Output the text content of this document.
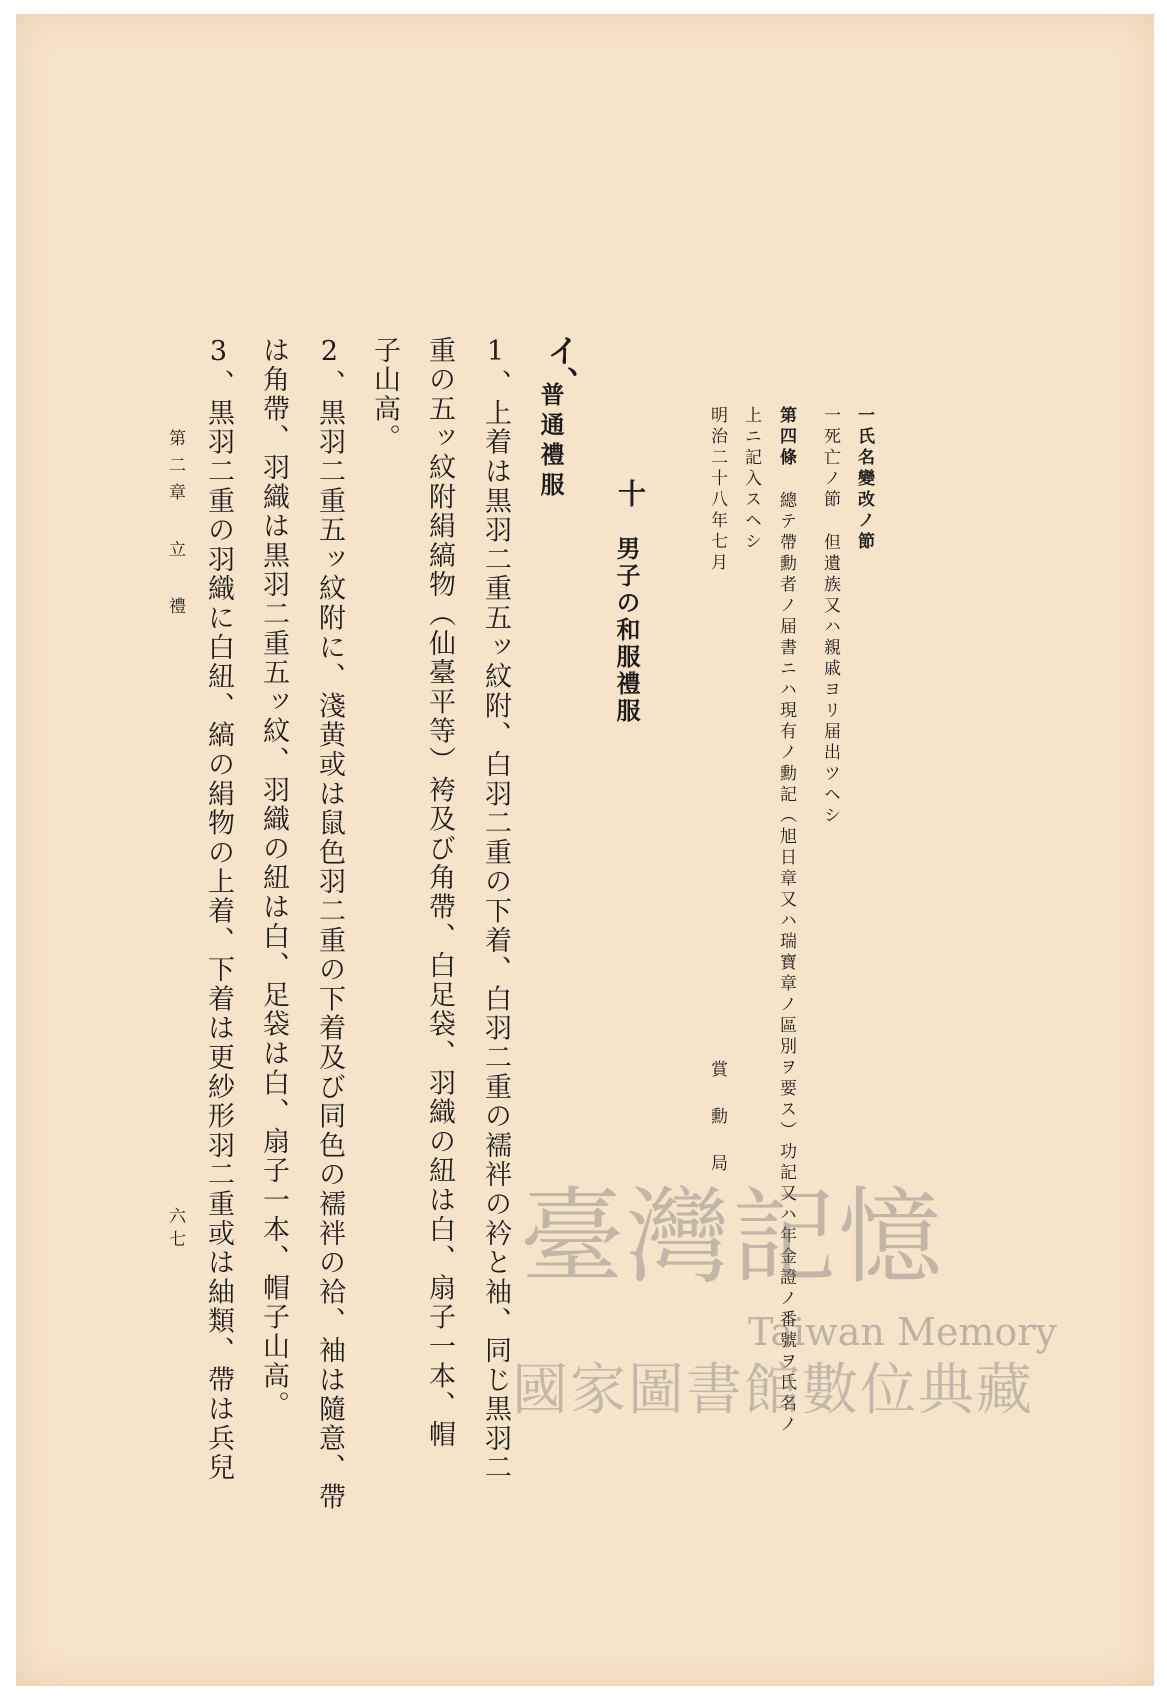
一氏名變改ノ節

一死亡ノ節但遺族又ハ親戚ヨリ届出ツヘシ

第四條總テ帶勳者ノ届書ニハ現有ノ勳記（旭日章又ハ瑞寶章ノ區別ヲ要ス）功記又ハ年金證ノ番號ヲ氏名ノ

上ニ記入スヘシ

明治二十八年七月

賞勳局

十

男子の和服禮服

イ、

普通禮服

1、上着は黒羽二重五ッ紋附、白羽二重の下着、白羽二重の襦袢の衿と袖、同じ黒羽二

重の五ッ紋附絹縞物（仙臺平等）袴及び角帶、白足袋、羽織の紐は白、扇子一本、帽

子山高。

2、黒羽二重五ッ紋附に、淺黄或は鼠色羽二重の下着及び同色の襦袢の袷、袖は隨意、帶

は角帶、羽織は黒羽二重五ッ紋、羽織の紐は白、足袋は白、扇子一本、帽子山高。

3、黒羽二重の羽織に白紐、縞の絹物の上着、下着は更紗形羽二重或は紬類、帶は兵兒

第二章 立 禮

六七	臺灣記憶
Taiwan Memory
國家圖書館數位典藏
